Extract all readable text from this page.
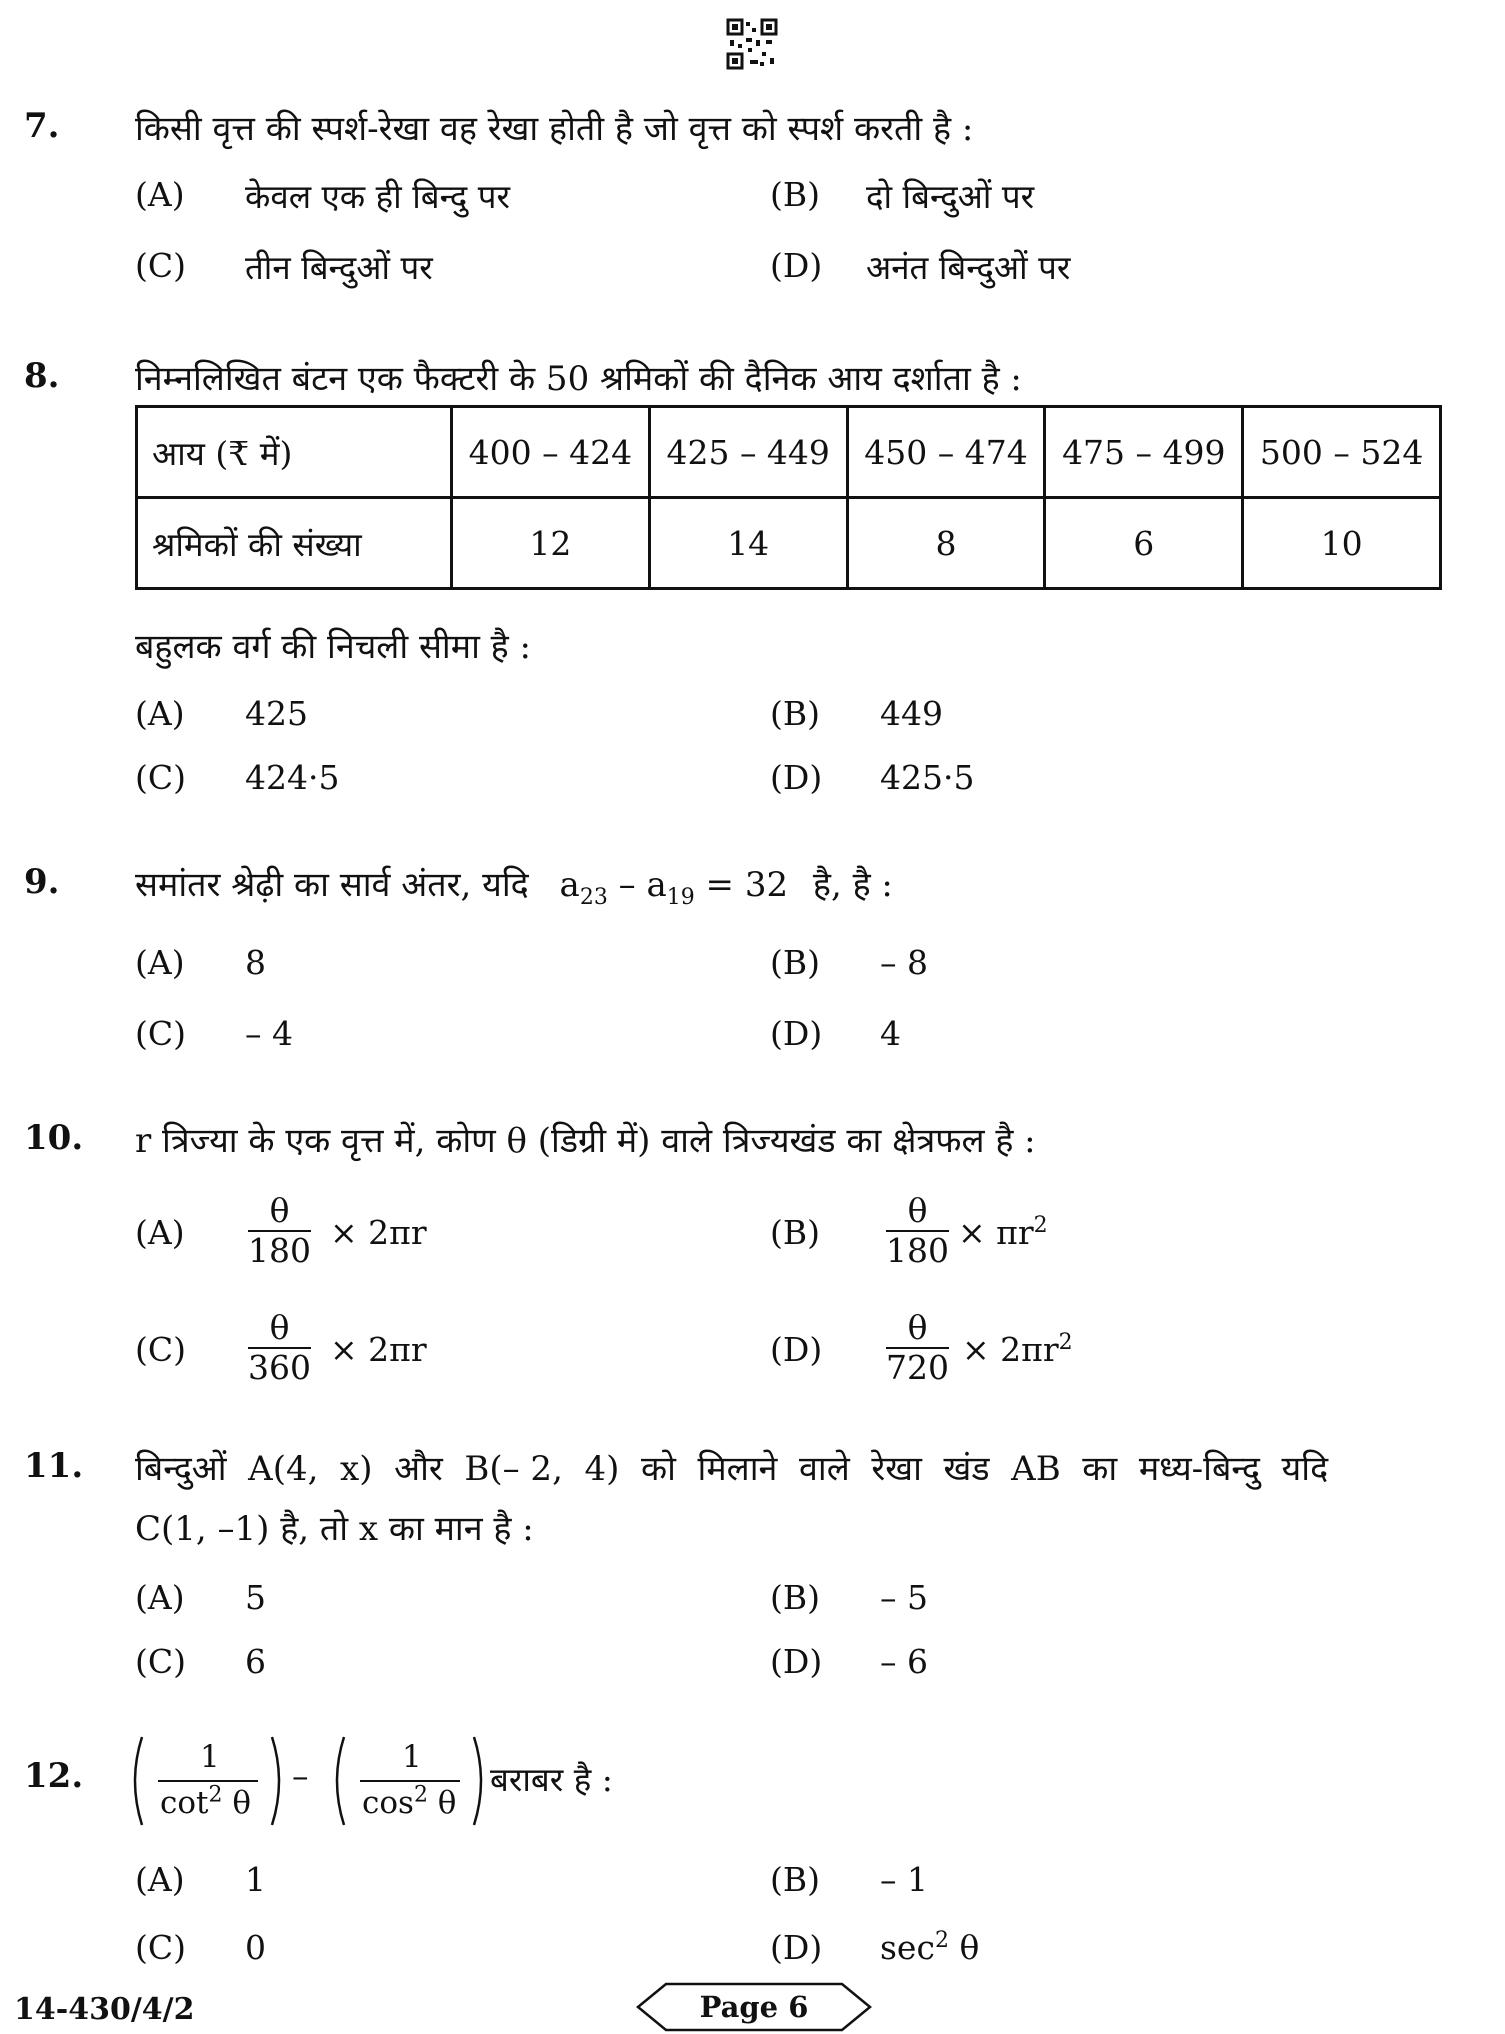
7. किसी वृत्त की स्पर्श-रेखा वह रेखा होती है जो वृत्त को स्पर्श करती है :
(A) केवल एक ही बिन्दु पर	(B) दो बिन्दुओं पर
(C) तीन बिन्दुओं पर	(D) अनंत बिन्दुओं पर
8. निम्नलिखित बंटन एक फैक्टरी के 50 श्रमिकों की दैनिक आय दर्शाता है :
आय (₹ में)	400 – 424	425 – 449	450 – 474	475 – 499	500 – 524
श्रमिकों की संख्या	12	14	8	6	10
बहुलक वर्ग की निचली सीमा है :
(A) 425	(B) 449
(C) 424·5	(D) 425·5
9. समांतर श्रेढ़ी का सार्व अंतर, यदि $a_{23} - a_{19} = 32$ है, है :
(A) 8	(B) – 8
(C) – 4	(D) 4
10. r त्रिज्या के एक वृत्त में, कोण θ (डिग्री में) वाले त्रिज्यखंड का क्षेत्रफल है :
(A)
θ
180 × 2πr	(B)
θ
$180 \times \pi r^2$
(C)
θ
360 × 2πr	(D)
θ
$720 \times 2\pi r^2$
11. बिन्दुओं  A(4,  x)  और  B(– 2,  4)  को  मिलाने  वाले  रेखा  खंड  AB  का  मध्य-बिन्दु  यदि
C(1, –1) है, तो x का मान है :
(A) 5	(B) – 5
(C) 6	(D) – 6
12.	1
$\cot^2 \theta$
–	1
$\cos^2 \theta$
बराबर है :
(A) 1	(B) – 1
(C) 0	(D) $\sec^2 \theta$
14-430/4/2	Page 6
